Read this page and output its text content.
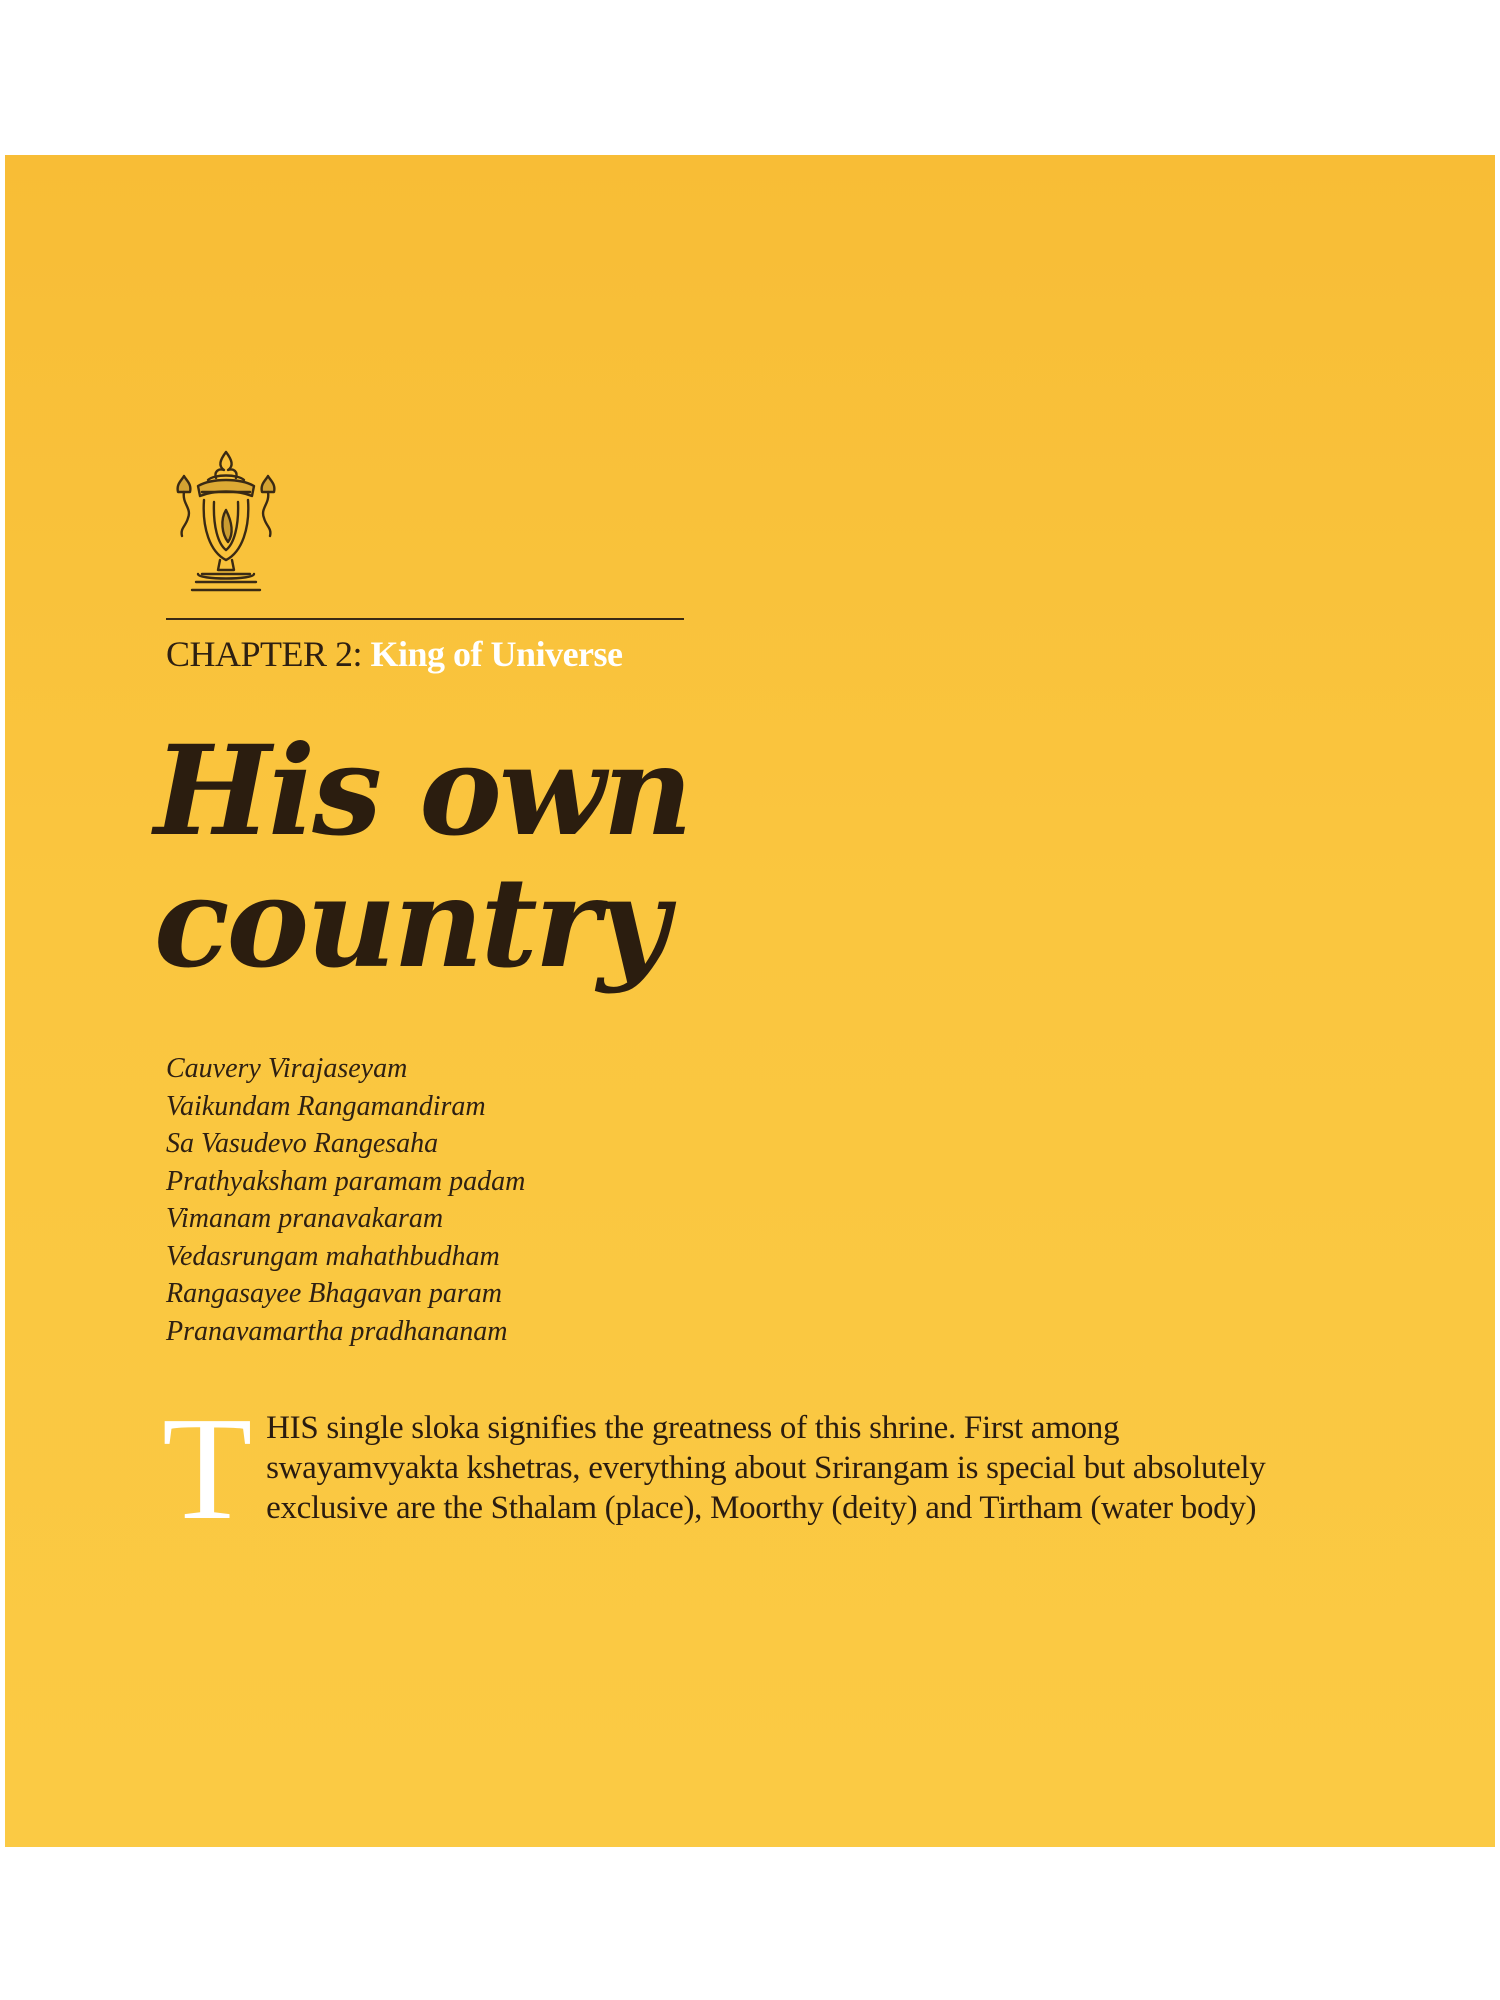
CHAPTER 2: King of Universe
His own
country
Cauvery Virajaseyam
Vaikundam Rangamandiram
Sa Vasudevo Rangesaha
Prathyaksham paramam padam
Vimanam pranavakaram
Vedasrungam mahathbudham
Rangasayee Bhagavan param
Pranavamartha pradhananam
THIS single sloka signifies the greatness of this shrine. First among swayamvyakta kshetras, everything about Srirangam is special but absolutely exclusive are the Sthalam (place), Moorthy (deity) and Tirtham (water body)
